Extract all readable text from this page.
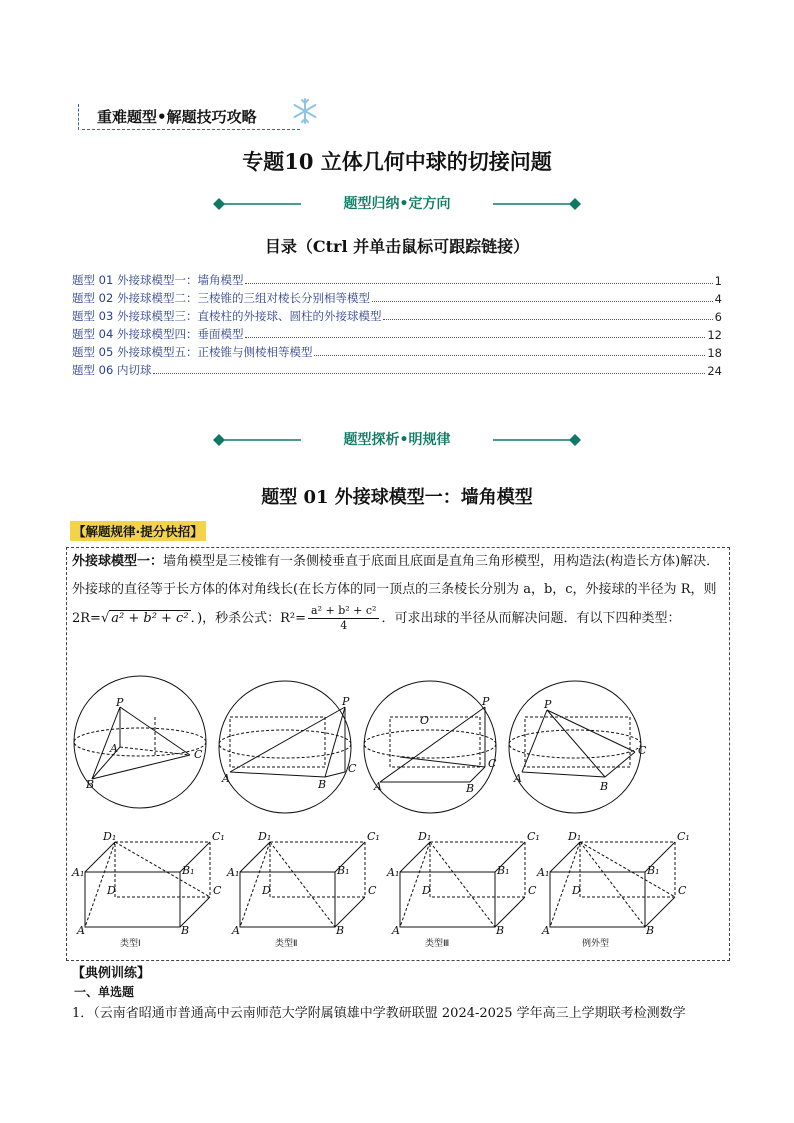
重难题型•解题技巧攻略
专题10 立体几何中球的切接问题
题型归纳•定方向
目录（Ctrl 并单击鼠标可跟踪链接）
题型 01 外接球模型一：墙角模型	1
题型 02 外接球模型二：三棱锥的三组对棱长分别相等模型	4
题型 03 外接球模型三：直棱柱的外接球、圆柱的外接球模型	6
题型 04 外接球模型四：垂面模型	12
题型 05 外接球模型五：正棱锥与侧棱相等模型	18
题型 06 内切球	24
题型探析•明规律
题型 01 外接球模型一：墙角模型
【解题规律·提分快招】
外接球模型一：墙角模型是三棱锥有一条侧棱垂直于底面且底面是直角三角形模型，用构造法(构造长方体)解决．外接球的直径等于长方体的体对角线长(在长方体的同一顶点的三条棱长分别为 a，b，c，外接球的半径为 R，则 2R=√ a² + b² + c² ．)，秒杀公式：$R^2= \frac{\text{a² + b² + c²}}{4}$ ．可求出球的半径从而解决问题．有以下四种类型：
P
A	C
B
P
A	B
C
P
A	B
C
O
P
A
B
C
D₁	C₁
A₁	B₁
C
A	B
D
D₁	C₁
A₁	B₁
C
A	B
D
D₁	C₁
A₁	B₁
C
A	B
D
D₁	C₁
A₁	B₁
C
A	B
D
类型Ⅰ	类型Ⅱ	类型Ⅲ	例外型
【典例训练】
一、单选题
1．（云南省昭通市普通高中云南师范大学附属镇雄中学教研联盟 2024-2025 学年高三上学期联考检测数学
